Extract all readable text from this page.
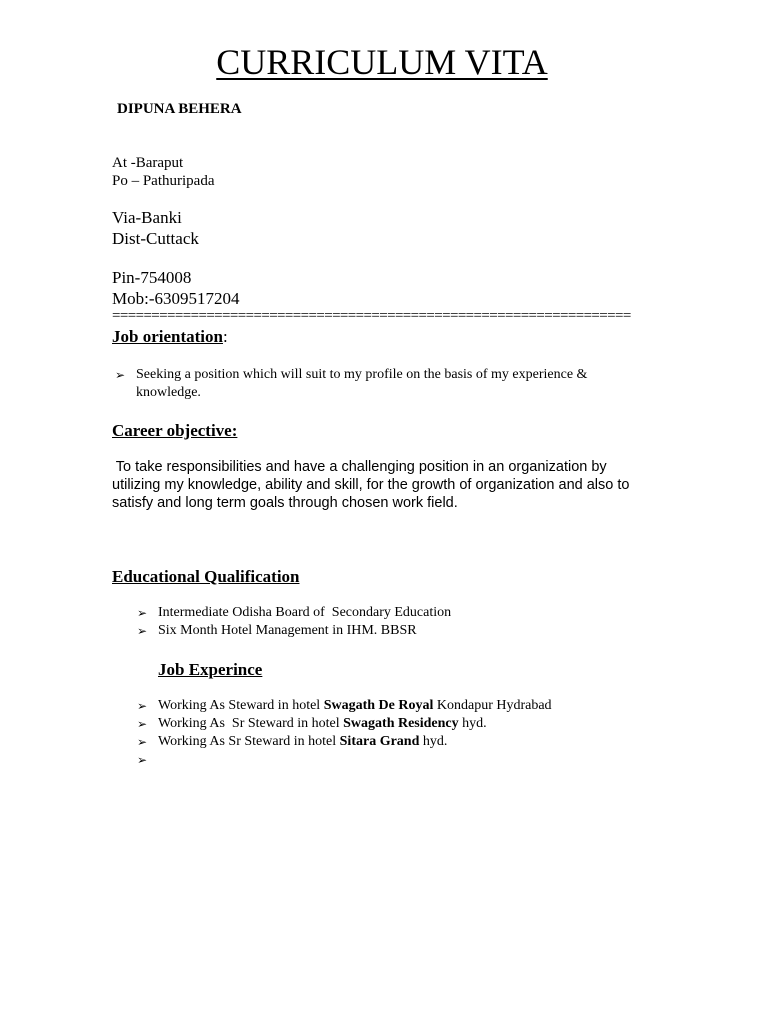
CURRICULUM VITA
DIPUNA BEHERA
At -Baraput
Po – Pathuripada
Via-Banki
Dist-Cuttack
Pin-754008
Mob:-6309517204
==================================================================
Job orientation:
➢ Seeking a position which will suit to my profile on the basis of my experience &
knowledge.
Career objective:
To take responsibilities and have a challenging position in an organization by
utilizing my knowledge, ability and skill, for the growth of organization and also to
satisfy and long term goals through chosen work field.
Educational Qualification
➢ Intermediate Odisha Board of  Secondary Education
➢ Six Month Hotel Management in IHM. BBSR
Job Experince
➢ Working As Steward in hotel Swagath De Royal Kondapur Hydrabad
➢ Working As  Sr Steward in hotel Swagath Residency hyd.
➢ Working As Sr Steward in hotel Sitara Grand hyd.
➢
